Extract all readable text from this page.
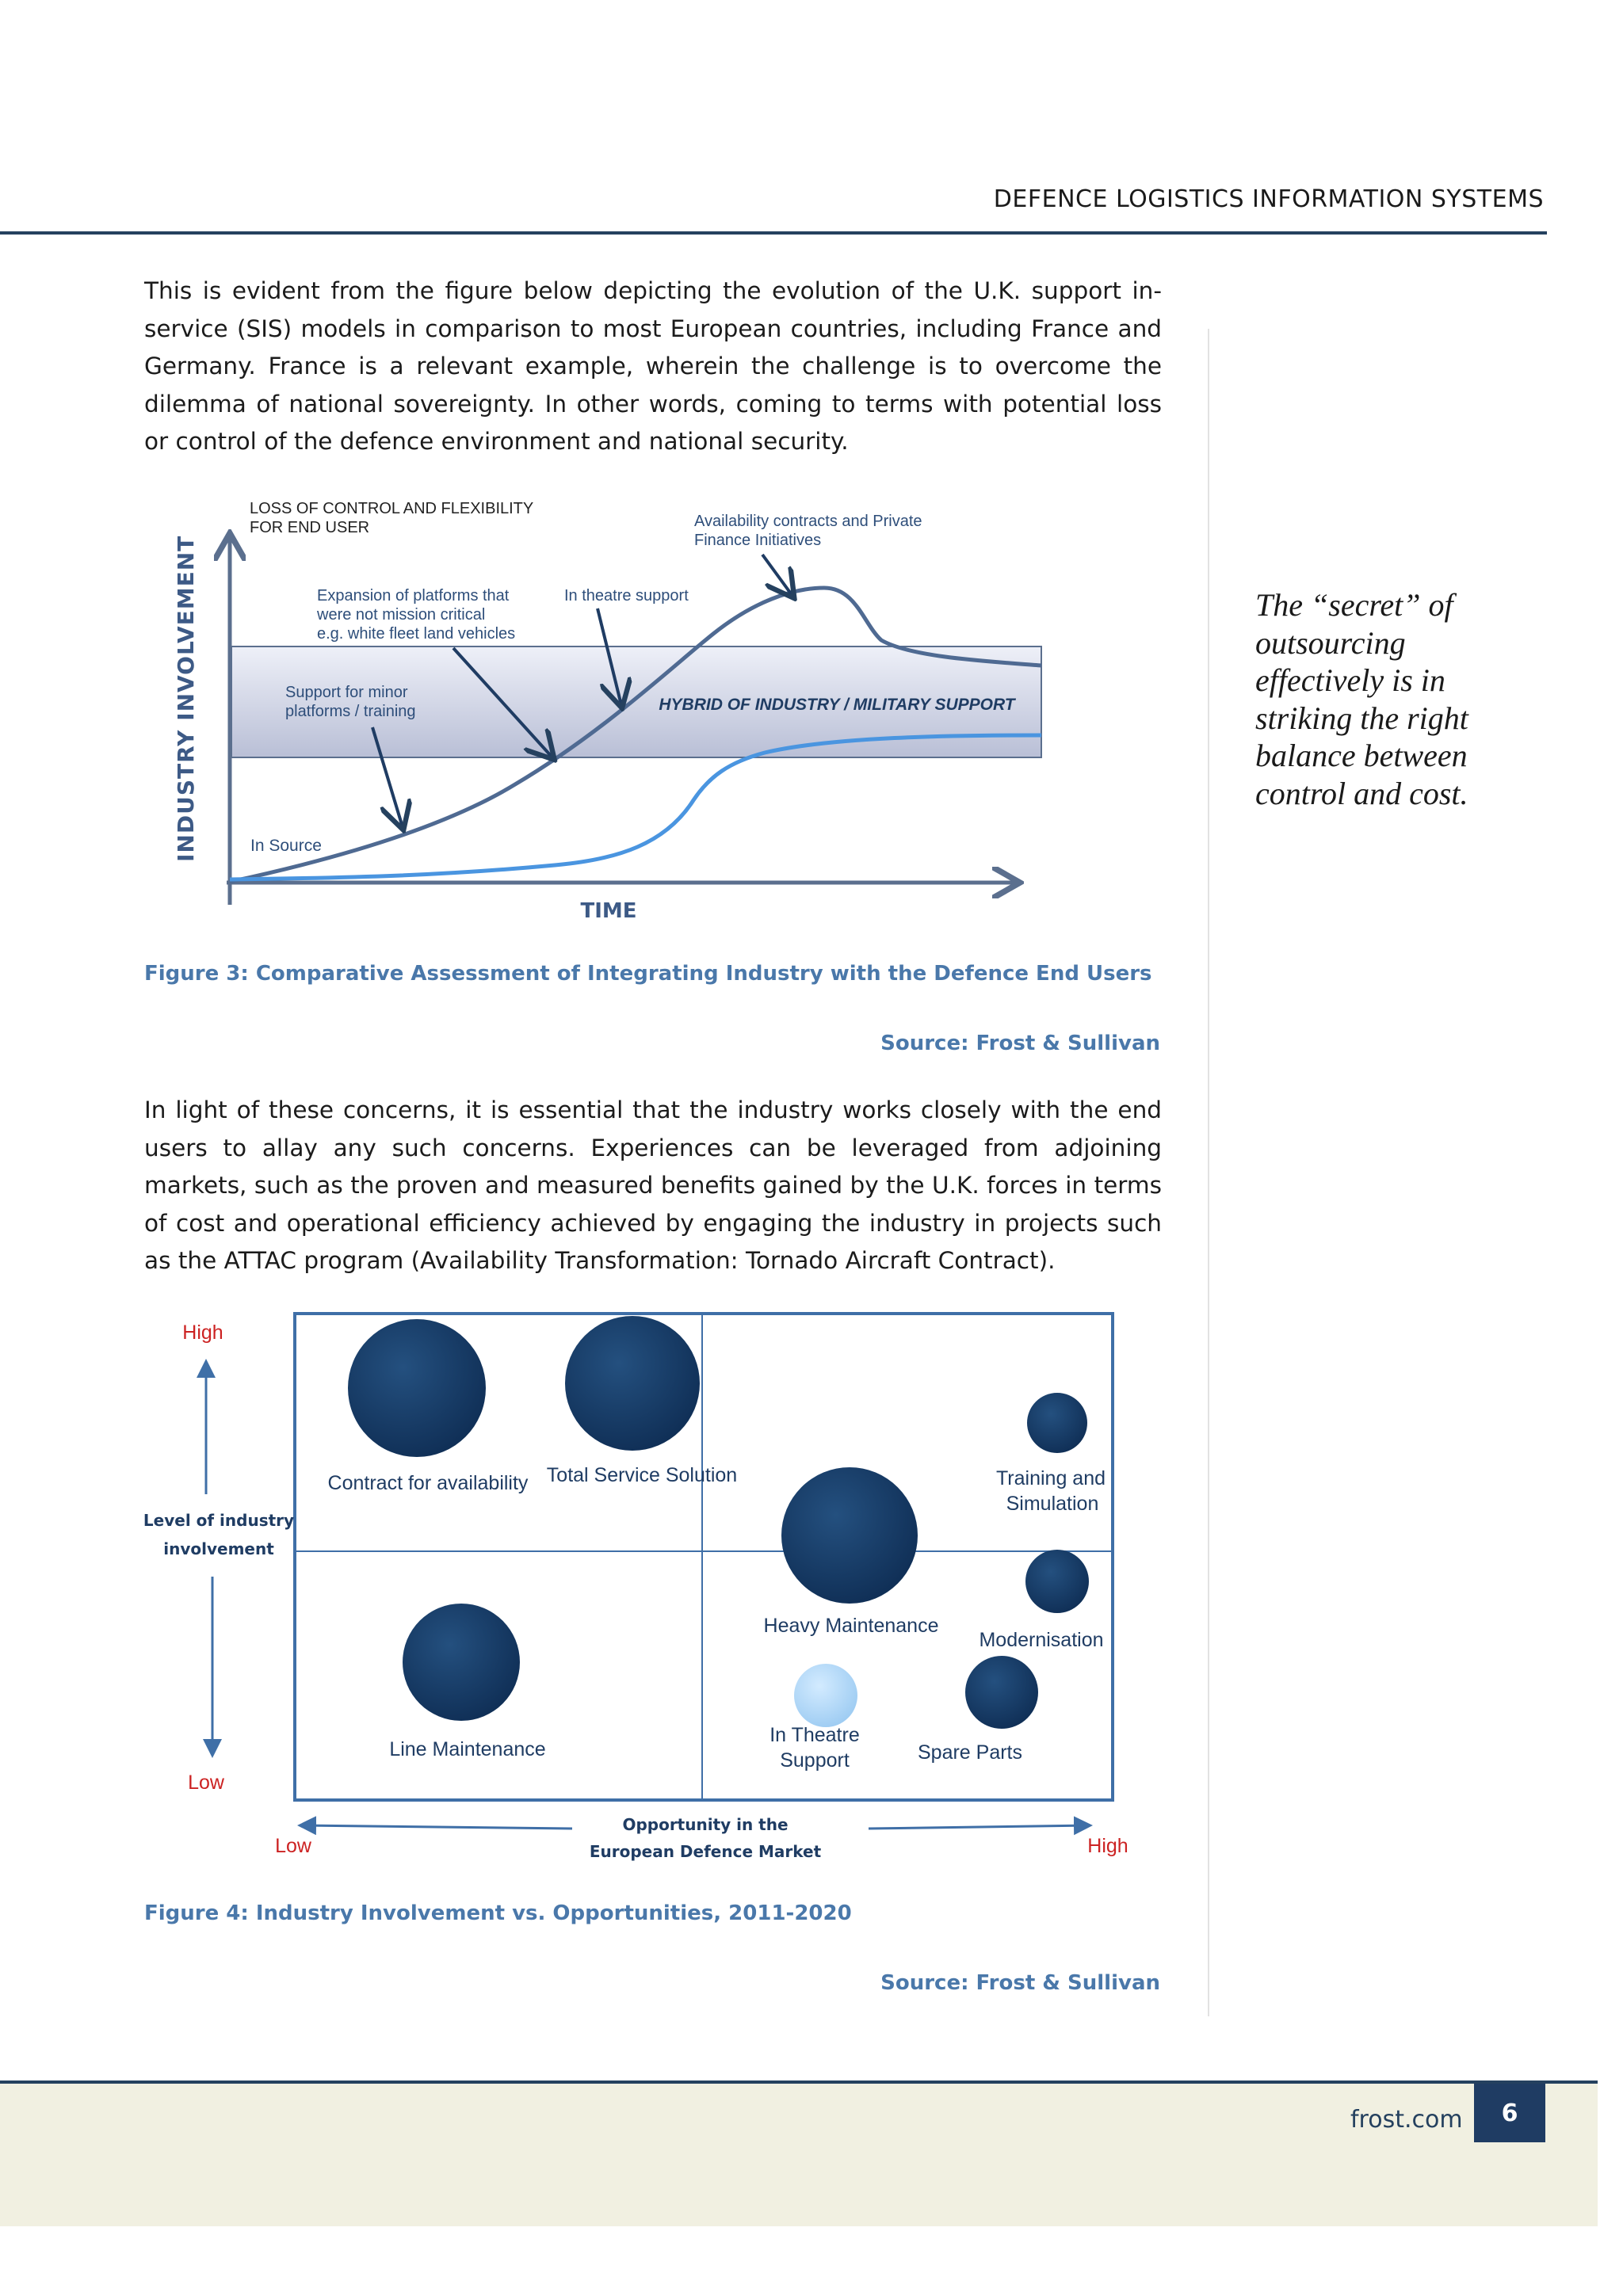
DEFENCE LOGISTICS INFORMATION SYSTEMS
This is evident from the figure below depicting the evolution of the U.K. support in-service (SIS) models in comparison to most European countries, including France and Germany. France is a relevant example, wherein the challenge is to overcome the dilemma of national sovereignty. In other words, coming to terms with potential loss or control of the defence environment and national security.
The “secret” of outsourcing effectively is in striking the right balance between control and cost.
LOSS OF CONTROL AND FLEXIBILITY
FOR END USER
INDUSTRY INVOLVEMENT
TIME
HYBRID OF INDUSTRY / MILITARY SUPPORT
Availability contracts and Private
Finance Initiatives
Expansion of platforms that
were not mission critical
e.g. white fleet land vehicles
In theatre support
Support for minor
platforms / training
In Source
High
Level of industry
involvement
Low
Low
Opportunity in the
European Defence Market	High
Contract for availability Total Service Solution	Training and
Simulation
Heavy Maintenance
Modernisation
Line Maintenance
In Theatre
Support	Spare Parts
Figure 3: Comparative Assessment of Integrating Industry with the Defence End Users
Source: Frost & Sullivan
In light of these concerns, it is essential that the industry works closely with the end users to allay any such concerns. Experiences can be leveraged from adjoining markets, such as the proven and measured benefits gained by the U.K. forces in terms of cost and operational efficiency achieved by engaging the industry in projects such as the ATTAC program (Availability Transformation: Tornado Aircraft Contract).
Figure 4: Industry Involvement vs. Opportunities, 2011-2020
Source: Frost & Sullivan
frost.com	6
